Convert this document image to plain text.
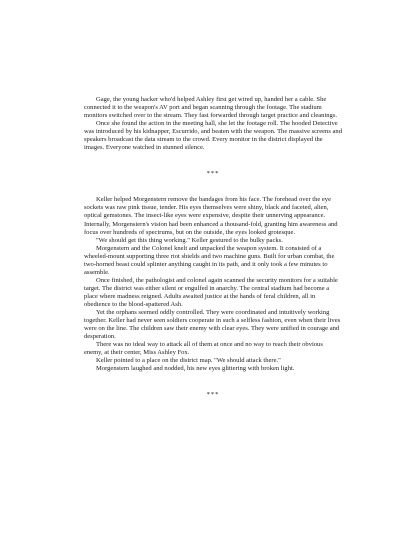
Gage, the young hacker who'd helped Ashley first get wired up, handed her a cable. She connected it to the weapon's AV port and began scanning through the footage. The stadium monitors switched over to the stream. They fast forwarded through target practice and cleanings.

Once she found the action in the meeting hall, she let the footage roll. The hooded Detective was introduced by his kidnapper, Escurrido, and beaten with the weapon. The massive screens and speakers broadcast the data stream to the crowd. Every monitor in the district displayed the images. Everyone watched in stunned silence.

***

Keller helped Morgenstern remove the bandages from his face. The forehead over the eye sockets was raw pink tissue, tender. His eyes themselves were shiny, black and faceted, alien, optical gemstones. The insect-like eyes were expensive, despite their unnerving appearance. Internally, Morgenstern's vision had been enhanced a thousand-fold, granting him awareness and focus over hundreds of spectrums, but on the outside, the eyes looked grotesque.

"We should get this thing working." Keller gestured to the bulky packs.

Morgenstern and the Colonel knelt and unpacked the weapon system. It consisted of a wheeled-mount supporting three riot shields and two machine guns. Built for urban combat, the two-horned beast could splinter anything caught in its path, and it only took a few minutes to assemble.

Once finished, the pathologist and colonel again scanned the security monitors for a suitable target. The district was either silent or engulfed in anarchy. The central stadium had become a place where madness reigned. Adults awaited justice at the hands of feral children, all in obedience to the blood-spattered Ash.

Yet the orphans seemed oddly controlled. They were coordinated and intuitively working together. Keller had never seen soldiers cooperate in such a selfless fashion, even when their lives were on the line. The children saw their enemy with clear eyes. They were unified in courage and desperation.

There was no ideal way to attack all of them at once and no way to reach their obvious enemy, at their center, Miss Ashley Fox.

Keller pointed to a place on the district map. "We should attack there."

Morgenstern laughed and nodded, his new eyes glittering with broken light.

***
